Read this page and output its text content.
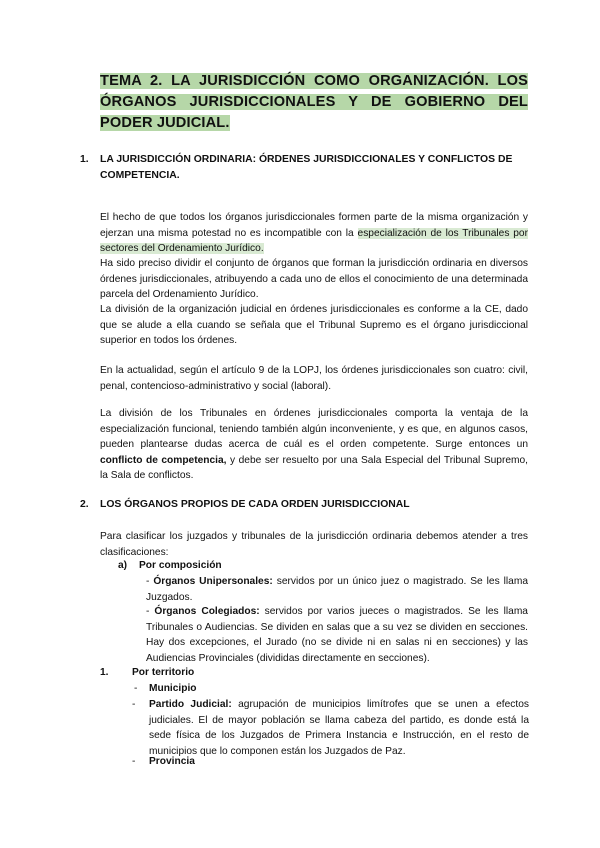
TEMA 2. LA JURISDICCIÓN COMO ORGANIZACIÓN. LOS ÓRGANOS JURISDICCIONALES Y DE GOBIERNO DEL PODER JUDICIAL.
1. LA JURISDICCIÓN ORDINARIA: ÓRDENES JURISDICCIONALES Y CONFLICTOS DE COMPETENCIA.
El hecho de que todos los órganos jurisdiccionales formen parte de la misma organización y ejerzan una misma potestad no es incompatible con la especialización de los Tribunales por sectores del Ordenamiento Jurídico.
Ha sido preciso dividir el conjunto de órganos que forman la jurisdicción ordinaria en diversos órdenes jurisdiccionales, atribuyendo a cada uno de ellos el conocimiento de una determinada parcela del Ordenamiento Jurídico.
La división de la organización judicial en órdenes jurisdiccionales es conforme a la CE, dado que se alude a ella cuando se señala que el Tribunal Supremo es el órgano jurisdiccional superior en todos los órdenes.
En la actualidad, según el artículo 9 de la LOPJ, los órdenes jurisdiccionales son cuatro: civil, penal, contencioso-administrativo y social (laboral).
La división de los Tribunales en órdenes jurisdiccionales comporta la ventaja de la especialización funcional, teniendo también algún inconveniente, y es que, en algunos casos, pueden plantearse dudas acerca de cuál es el orden competente. Surge entonces un conflicto de competencia, y debe ser resuelto por una Sala Especial del Tribunal Supremo, la Sala de conflictos.
2. LOS ÓRGANOS PROPIOS DE CADA ORDEN JURISDICCIONAL
Para clasificar los juzgados y tribunales de la jurisdicción ordinaria debemos atender a tres clasificaciones:
a) Por composición
- Órganos Unipersonales: servidos por un único juez o magistrado. Se les llama Juzgados.
- Órganos Colegiados: servidos por varios jueces o magistrados. Se les llama Tribunales o Audiencias. Se dividen en salas que a su vez se dividen en secciones. Hay dos excepciones, el Jurado (no se divide ni en salas ni en secciones) y las Audiencias Provinciales (divididas directamente en secciones).
1. Por territorio
- Municipio
- Partido Judicial: agrupación de municipios limítrofes que se unen a efectos judiciales. El de mayor población se llama cabeza del partido, es donde está la sede física de los Juzgados de Primera Instancia e Instrucción, en el resto de municipios que lo componen están los Juzgados de Paz.
- Provincia
